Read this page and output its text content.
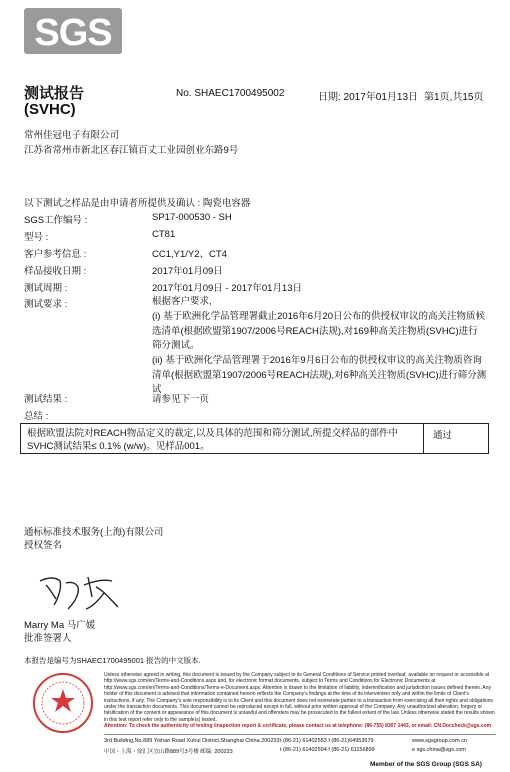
SGS
测试报告
(SVHC)
No. SHAEC1700495002	日期: 2017年01月13日 第1页,共15页
常州佳冠电子有限公司
江苏省常州市新北区春江镇百丈工业园创业东路9号
以下测试之样品是由申请者所提供及确认 : 陶瓷电容器
SGS工作编号 :	SP17-000530 - SH
型号 :	CT81
客户参考信息 :	CC1,Y1/Y2、CT4
样品接收日期 :	2017年01月09日
测试周期 :	2017年01月09日 - 2017年01月13日
测试要求 :	根据客户要求,
(i) 基于欧洲化学品管理署截止2016年6月20日公布的供授权审议的高关注物质候选清单(根据欧盟第1907/2006号REACH法规),对169种高关注物质(SVHC)进行筛分测试。
(ii) 基于欧洲化学品管理署于2016年9月6日公布的供授权审议的高关注物质咨询清单(根据欧盟第1907/2006号REACH法规),对6种高关注物质(SVHC)进行筛分测试
测试结果 :	请参见下一页
总结 :
根据欧盟法院对REACH物品定义的裁定,以及具体的范围和筛分测试,所提交样品的部件中SVHC测试结果≤ 0.1% (w/w)。见样品001。
通过
通标标准技术服务(上海)有限公司
授权签名
Marry Ma 马广媛
批准签署人
本报告是编号为SHAEC1700495001 报告的中文版本.
Unless otherwise agreed in writing, this document is issued by the Company subject to its General Conditions of Service printed overleaf, available on request or accessible at http://www.sgs.com/en/Terms-and-Conditions.aspx and, for electronic format documents, subject to Terms and Conditions for Electronic Documents at http://www.sgs.com/en/Terms-and-Conditions/Terms-e-Document.aspx. Attention is drawn to the limitation of liability, indemnification and jurisdiction issues defined therein. Any holder of this document is advised that information contained hereon reflects the Company's findings at the time of its intervention only and within the limits of Client's instructions, if any. The Company's sole responsibility is to its Client and this document does not exonerate parties to a transaction from exercising all their rights and obligations under the transaction documents. This document cannot be reproduced except in full, without prior written approval of the Company. Any unauthorized alteration, forgery or falsification of the content or appearance of this document is unlawful and offenders may be prosecuted to the fullest extent of the law. Unless otherwise stated the results shown in this test report refer only to the sample(s) tested.
Attention: To check the authenticity of testing /inspection report & certificate, please contact us at telephone: (86-755) 8307 1443, or email: CN.Doccheck@sgs.com
3rd Building,No.889 Yishan Road Xuhui District,Shanghai China 200233 t (86-21) 61402553 f (86-21)64953679	www.sgsgroup.com.cn
中国・上海・徐汇区宜山路889号3号楼 邮编: 200233	t (86-21) 61402594 f (86-21) 61156899	e sgs.china@sgs.com
Member of the SGS Group (SGS SA)
